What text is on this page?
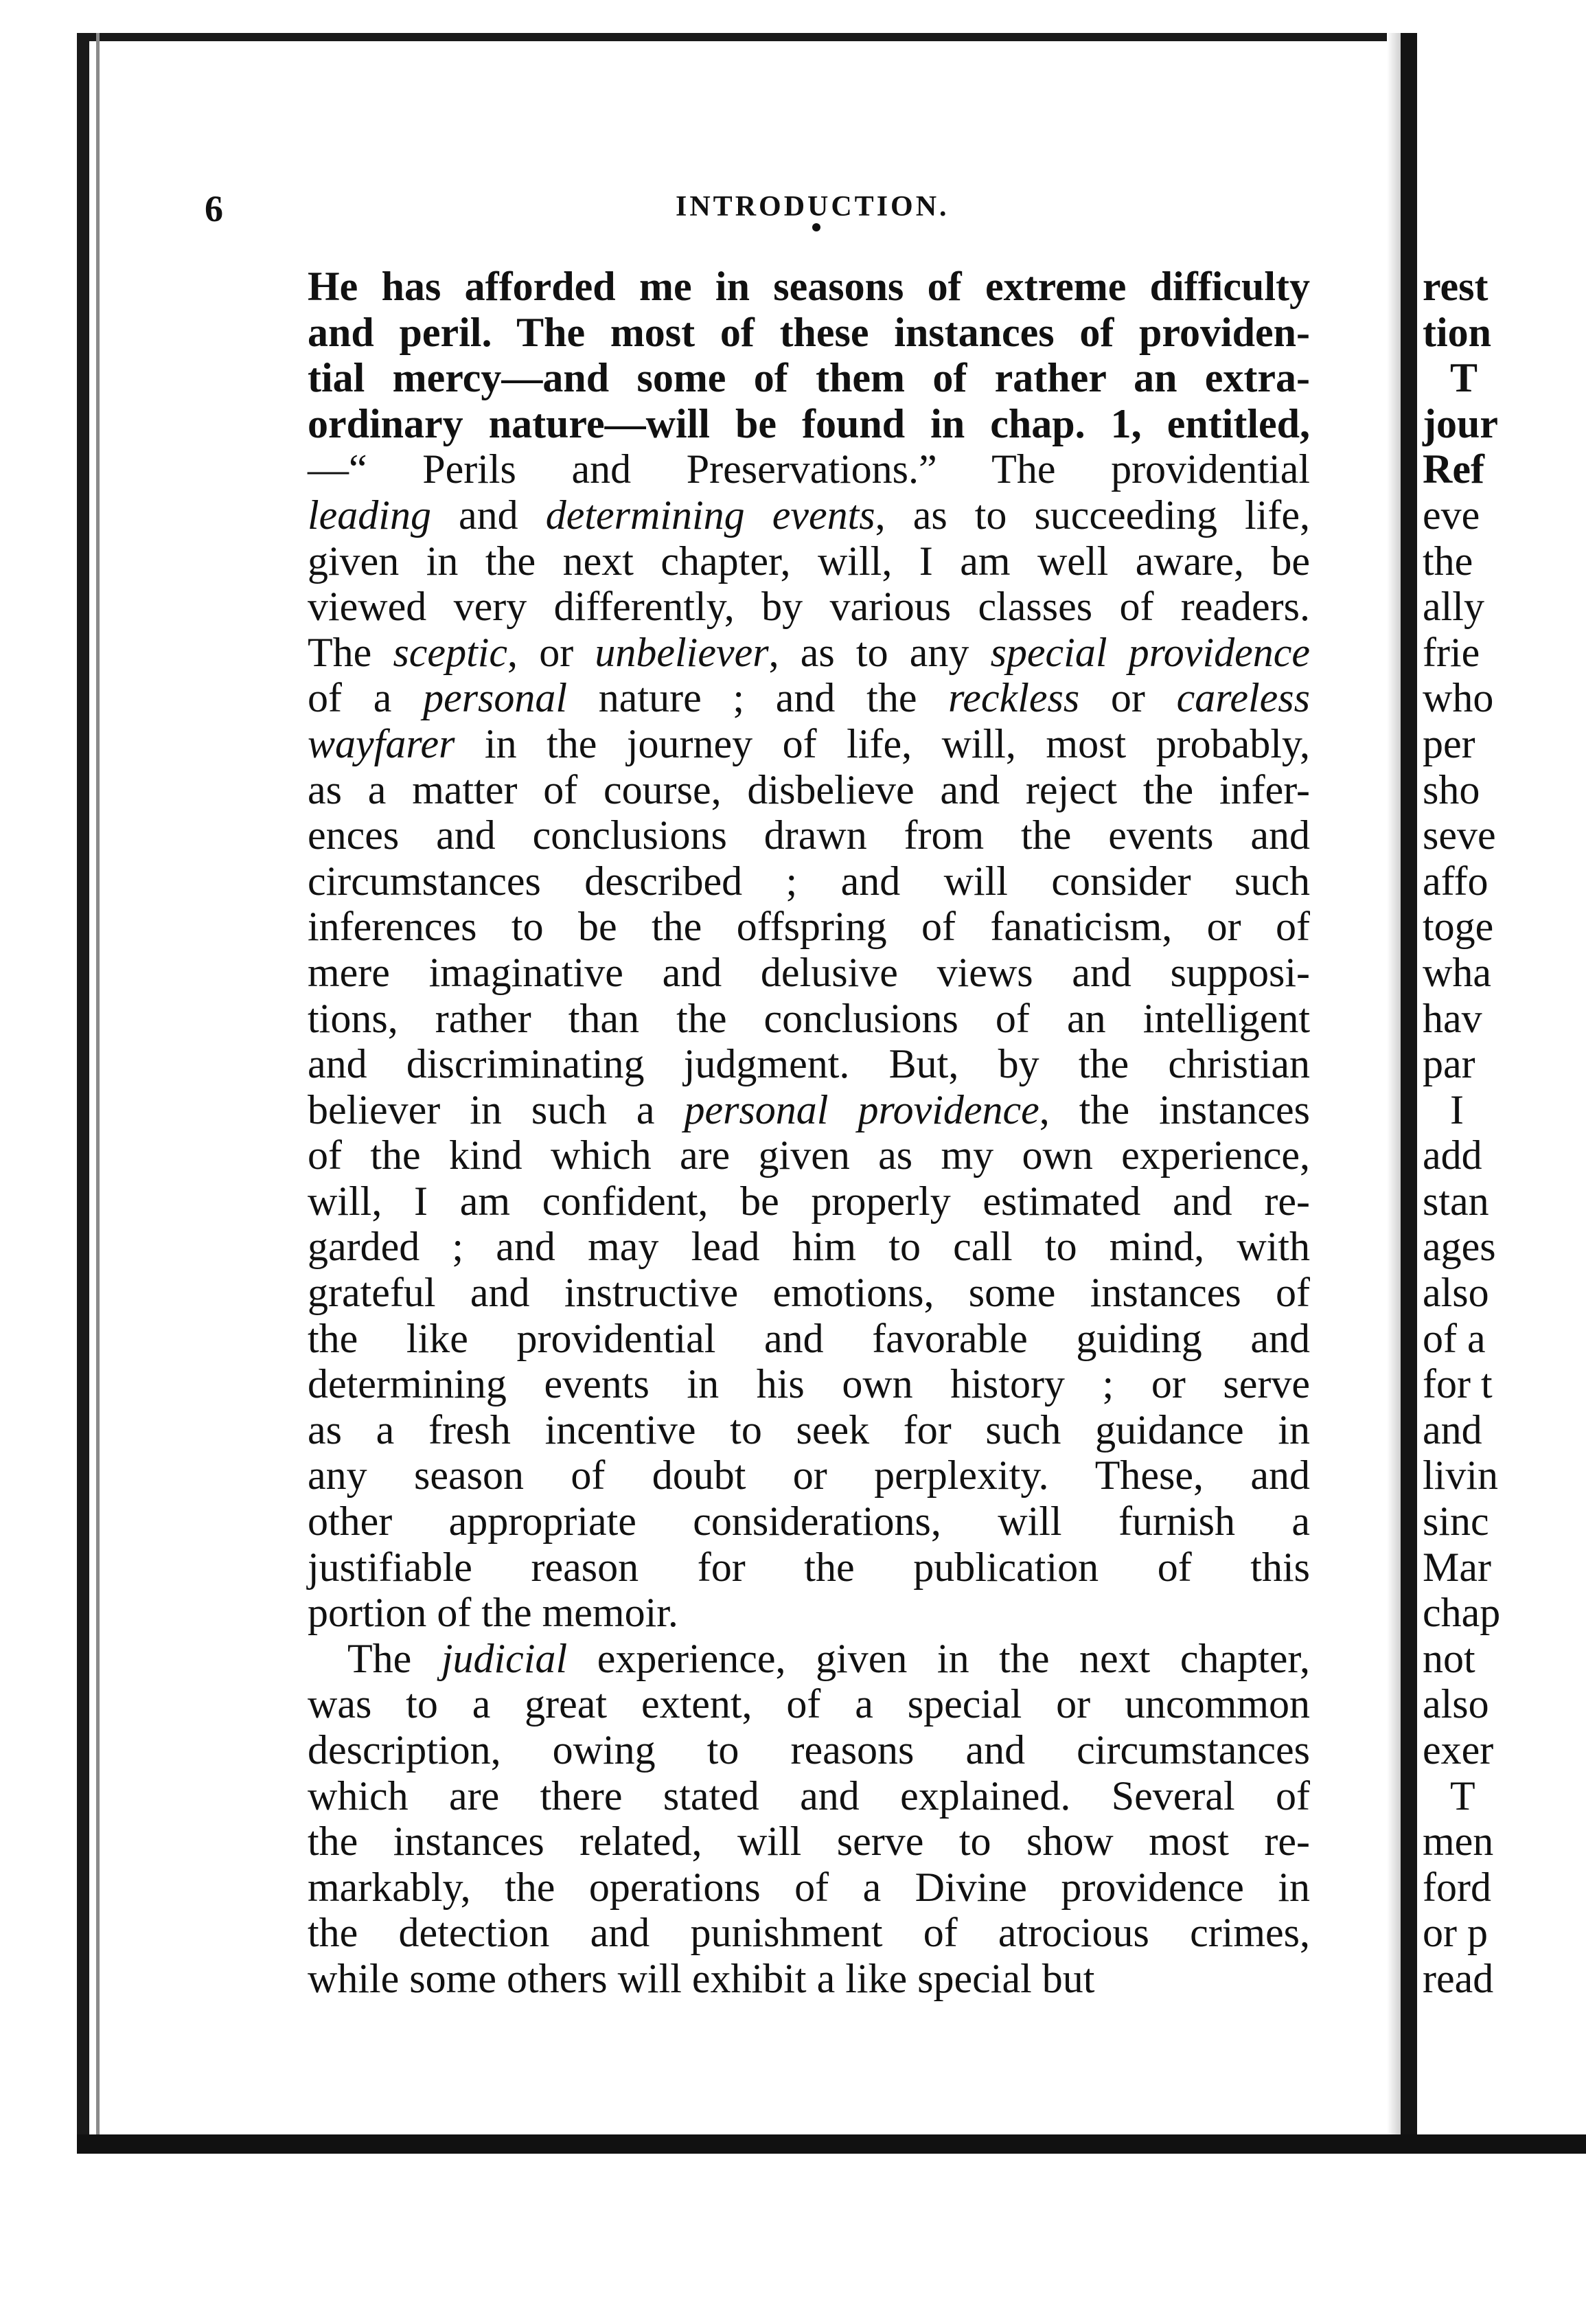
6	INTRODUCTION.
He has afforded me in seasons of extreme difficulty
and peril. The most of these instances of providen-
tial mercy—and some of them of rather an extra-
ordinary nature—will be found in chap. 1, entitled,
—“ Perils and Preservations.” The providential
leading and determining events, as to succeeding life,
given in the next chapter, will, I am well aware, be
viewed very differently, by various classes of readers.
The sceptic, or unbeliever, as to any special providence
of a personal nature ; and the reckless or careless
wayfarer in the journey of life, will, most probably,
as a matter of course, disbelieve and reject the infer-
ences and conclusions drawn from the events and
circumstances described ; and will consider such
inferences to be the offspring of fanaticism, or of
mere imaginative and delusive views and supposi-
tions, rather than the conclusions of an intelligent
and discriminating judgment. But, by the christian
believer in such a personal providence, the instances
of the kind which are given as my own experience,
will, I am confident, be properly estimated and re-
garded ; and may lead him to call to mind, with
grateful and instructive emotions, some instances of
the like providential and favorable guiding and
determining events in his own history ; or serve
as a fresh incentive to seek for such guidance in
any season of doubt or perplexity. These, and
other appropriate considerations, will furnish a
justifiable reason for the publication of this
portion of the memoir.
The judicial experience, given in the next chapter,
was to a great extent, of a special or uncommon
description, owing to reasons and circumstances
which are there stated and explained. Several of
the instances related, will serve to show most re-
markably, the operations of a Divine providence in
the detection and punishment of atrocious crimes,
while some others will exhibit a like special but
rest
tion
T
jour
Ref
eve
the
ally
frie
who
per
sho
seve
affo
toge
wha
hav
par
I
add
stan
ages
also
of a
for t
and
livin
sinc
Mar
chap
not
also
exer
T
men
ford
or p
read
